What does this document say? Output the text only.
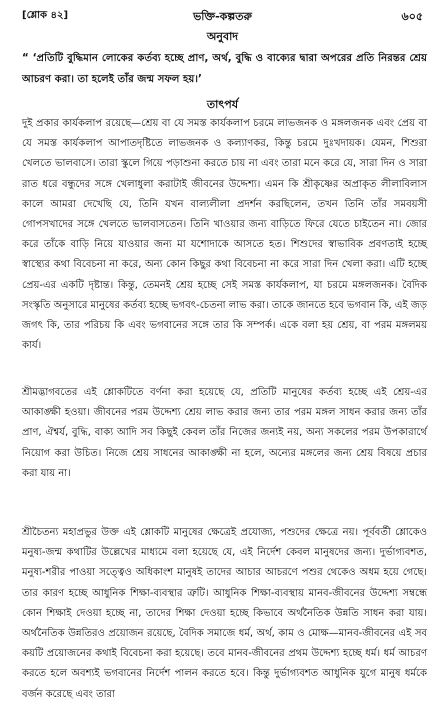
[শ্লোক ৪২]	ভক্তি-কল্পতরু	৬০৫
অনুবাদ
“ ‘প্রতিটি বুদ্ধিমান লোকের কর্তব্য হচ্ছে প্রাণ, অর্থ, বুদ্ধি ও বাক্যের দ্বারা অপরের প্রতি নিরন্তর শ্রেয় আচরণ করা। তা হলেই তাঁর জন্ম সফল হয়।’
তাৎপর্য
দুই প্রকার কার্যকলাপ রয়েছে—শ্রেয় বা যে সমস্ত কার্যকলাপ চরমে লাভজনক ও মঙ্গলজনক এবং প্রেয় বা যে সমস্ত কার্যকলাপ আপাতদৃষ্টিতে লাভজনক ও কল্যাণকর, কিন্তু চরমে দুঃখদায়ক। যেমন, শিশুরা খেলতে ভালবাসে। তারা স্কুলে গিয়ে পড়াশুনা করতে চায় না এবং তারা মনে করে যে, সারা দিন ও সারা রাত ধরে বন্ধুদের সঙ্গে খেলাধুলা করাটাই জীবনের উদ্দেশ্য। এমন কি শ্রীকৃষ্ণের অপ্রাকৃত লীলাবিলাস কালে আমরা দেখেছি যে, তিনি যখন বাল্যলীলা প্রদর্শন করছিলেন, তখন তিনি তাঁর সমবয়সী গোপসখাদের সঙ্গে খেলতে ভালবাসতেন। তিনি খাওয়ার জন্য বাড়িতে ফিরে যেতে চাইতেন না। জোর করে তাঁকে বাড়ি নিয়ে যাওয়ার জন্য মা যশোদাকে আসতে হত। শিশুদের স্বাভাবিক প্রবণতাই হচ্ছে স্বাস্থ্যের কথা বিবেচনা না করে, অন্য কোন কিছুর কথা বিবেচনা না করে সারা দিন খেলা করা। এটি হচ্ছে প্রেয়-এর একটি দৃষ্টান্ত। কিন্তু, তেমনই শ্রেয় হচ্ছে সেই সমস্ত কার্যকলাপ, যা চরমে মঙ্গলজনক। বৈদিক সংস্কৃতি অনুসারে মানুষের কর্তব্য হচ্ছে ভগবৎ-চেতনা লাভ করা। তাকে জানতে হবে ভগবান কি, এই জড় জগৎ কি, তার পরিচয় কি এবং ভগবানের সঙ্গে তার কি সম্পর্ক। একে বলা হয় শ্রেয়, বা পরম মঙ্গলময় কার্য।
শ্রীমদ্ভাগবতের এই শ্লোকটিতে বর্ণনা করা হয়েছে যে, প্রতিটি মানুষের কর্তব্য হচ্ছে এই শ্রেয়-এর আকাঙ্ক্ষী হওয়া। জীবনের পরম উদ্দেশ্য শ্রেয় লাভ করার জন্য তার পরম মঙ্গল সাধন করার জন্য তাঁর প্রাণ, ঐশ্বর্য, বুদ্ধি, বাক্য আদি সব কিছুই কেবল তাঁর নিজের জন্যই নয়, অন্য সকলের পরম উপকারার্থে নিয়োগ করা উচিত। নিজে শ্রেয় সাধনের আকাঙ্ক্ষী না হলে, অন্যের মঙ্গলের জন্য শ্রেয় বিষয়ে প্রচার করা যায় না।
শ্রীচৈতন্য মহাপ্রভুর উক্ত এই শ্লোকটি মানুষের ক্ষেত্রেই প্রযোজ্য, পশুদের ক্ষেত্রে নয়। পূর্ববর্তী শ্লোকেও মনুষ্য-জন্ম কথাটির উল্লেখের মাধ্যমে বলা হয়েছে যে, এই নির্দেশ কেবল মানুষদের জন্য। দুর্ভাগ্যবশত, মনুষ্য-শরীর পাওয়া সত্ত্বেও অধিকাংশ মানুষই তাদের আচার আচরণে পশুর থেকেও অধম হয়ে গেছে। তার কারণ হচ্ছে আধুনিক শিক্ষা-ব্যবস্থার ত্রুটি। আধুনিক শিক্ষা-ব্যবস্থায় মানব-জীবনের উদ্দেশ্য সম্বন্ধে কোন শিক্ষাই দেওয়া হচ্ছে না, তাদের শিক্ষা দেওয়া হচ্ছে কিভাবে অর্থনৈতিক উন্নতি সাধন করা যায়। অর্থনৈতিক উন্নতিরও প্রয়োজন রয়েছে, বৈদিক সমাজে ধর্ম, অর্থ, কাম ও মোক্ষ—মানব-জীবনের এই সব কয়টি প্রয়োজনের কথাই বিবেচনা করা হয়েছে। তবে মানব-জীবনের প্রথম উদ্দেশ্য হচ্ছে ধর্ম। ধর্ম আচরণ করতে হলে অবশ্যই ভগবানের নির্দেশ পালন করতে হবে। কিন্তু দুর্ভাগ্যবশত আধুনিক যুগে মানুষ ধর্মকে বর্জন করেছে এবং তারা
